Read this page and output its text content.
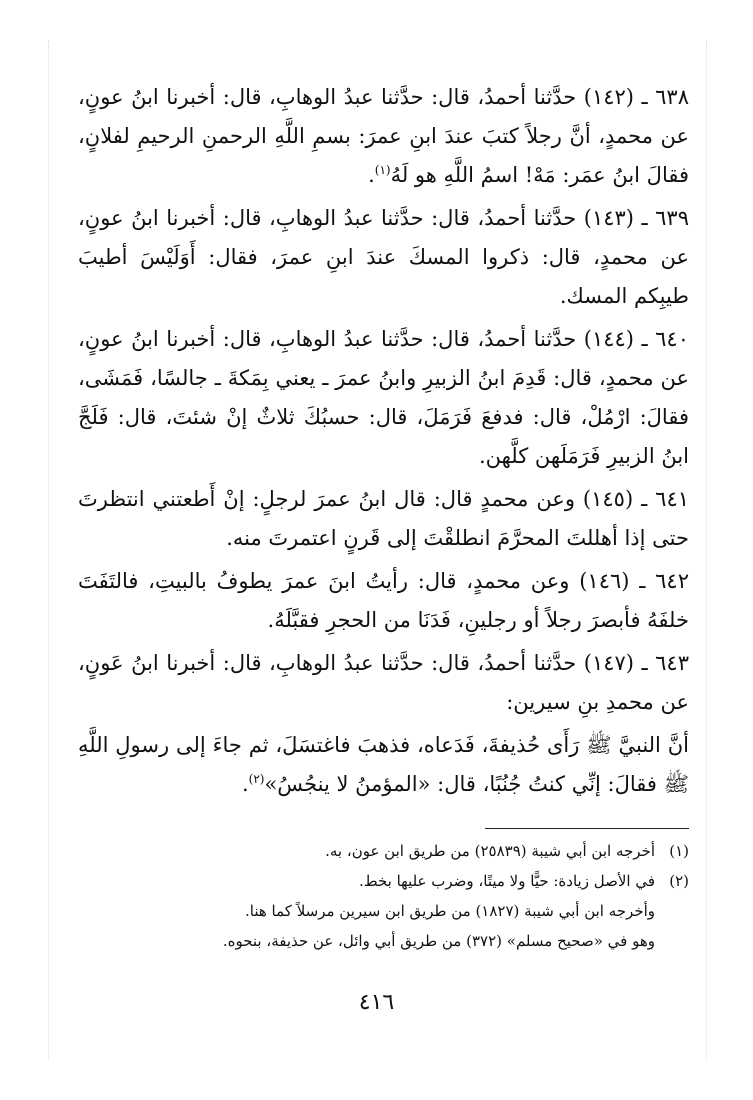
٦٣٨ ـ (١٤٢) حدَّثنا أحمدُ، قال: حدَّثنا عبدُ الوهابِ، قال: أخبرنا ابنُ عونٍ، عن محمدٍ، أنَّ رجلاً كتبَ عندَ ابنِ عمرَ: بسمِ اللَّهِ الرحمنِ الرحيمِ لفلانٍ، فقالَ ابنُ عمَر: مَهْ! اسمُ اللَّهِ هو لَهُ$^{(١)}$.

٦٣٩ ـ (١٤٣) حدَّثنا أحمدُ، قال: حدَّثنا عبدُ الوهابِ، قال: أخبرنا ابنُ عونٍ، عن محمدٍ، قال: ذكروا المسكَ عندَ ابنِ عمرَ، فقال: أَوَلَيْسَ أطيبَ طيبِكم المسك.

٦٤٠ ـ (١٤٤) حدَّثنا أحمدُ، قال: حدَّثنا عبدُ الوهابِ، قال: أخبرنا ابنُ عونٍ، عن محمدٍ، قال: قَدِمَ ابنُ الزبيرِ وابنُ عمرَ ـ يعني بِمَكةَ ـ جالسًا، فَمَشَى، فقالَ: ارْمُلْ، قال: فدفعَ فَرَمَلَ، قال: حسبُكَ ثلاثٌ إنْ شئتَ، قال: فَلَجَّ ابنُ الزبيرِ فَرَمَلَهن كلَّهن.

٦٤١ ـ (١٤٥) وعن محمدٍ قال: قال ابنُ عمرَ لرجلٍ: إنْ أَطعتني انتظرتَ حتى إذا أهللتَ المحرَّمَ انطلقْتَ إلى قَرنٍ اعتمرتَ منه.

٦٤٢ ـ (١٤٦) وعن محمدٍ، قال: رأيتُ ابنَ عمرَ يطوفُ بالبيتِ، فالتَفَتَ خلفَهُ فأبصرَ رجلاً أو رجلينِ، فَدَنَا من الحجرِ فقبَّلَهُ.

٦٤٣ ـ (١٤٧) حدَّثنا أحمدُ، قال: حدَّثنا عبدُ الوهابِ، قال: أخبرنا ابنُ عَونٍ، عن محمدِ بنِ سيرين:

أنَّ النبيَّ ﷺ رَأَى حُذيفةَ، فَدَعاه، فذهبَ فاغتسَلَ، ثم جاءَ إلى رسولِ اللَّهِ ﷺ فقالَ: إنِّي كنتُ جُنُبًا، قال: «المؤمنُ لا ينجُسُ»$^{(٢)}$.

(١)أخرجه ابن أبي شيبة (٢٥٨٣٩) من طريق ابن عون، به.

(٢)في الأصل زيادة: حيًّا ولا ميتًا، وضرب عليها بخط.

وأخرجه ابن أبي شيبة (١٨٢٧) من طريق ابن سيرين مرسلاً كما هنا.

وهو في «صحيح مسلم» (٣٧٢) من طريق أبي وائل، عن حذيفة، بنحوه.

٤١٦
